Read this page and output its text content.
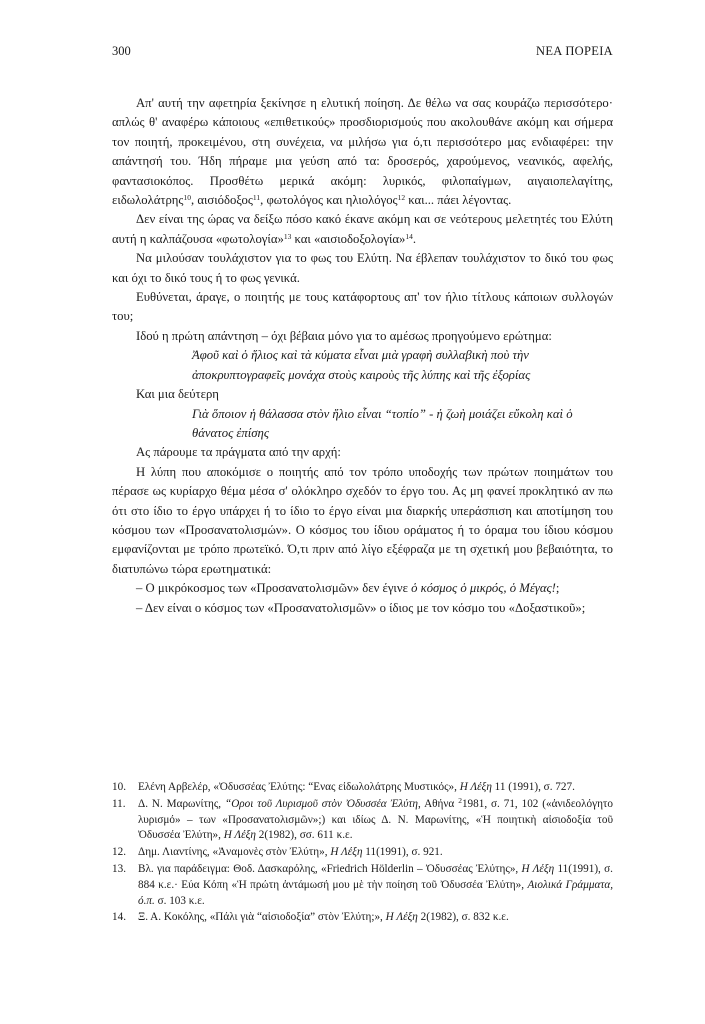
300	ΝΕΑ ΠΟΡΕΙΑ

Απ' αυτή την αφετηρία ξεκίνησε η ελυτική ποίηση. Δε θέλω να σας κουράζω περισσότερο· απλώς θ' αναφέρω κάποιους «επιθετικούς» προσδιορισμούς που ακολουθάνε ακόμη και σήμερα τον ποιητή, προκειμένου, στη συνέχεια, να μιλήσω για ό,τι περισσότερο μας ενδιαφέρει: την απάντησή του. Ήδη πήραμε μια γεύση από τα: δροσερός, χαρούμενος, νεανικός, αφελής, φαντασιοκόπος. Προσθέτω μερικά ακόμη: λυρικός, φιλοπαίγμων, αιγαιοπελαγίτης, ειδωλολάτρης$^{10}$, αισιόδοξος$^{11}$, φωτολόγος και ηλιολόγος$^{12}$ και... πάει λέγοντας.

Δεν είναι της ώρας να δείξω πόσο κακό έκανε ακόμη και σε νεότερους μελετητές του Ελύτη αυτή η καλπάζουσα «φωτολογία»$^{13}$ και «αισιοδοξολογία»$^{14}$.

Να μιλούσαν τουλάχιστον για το φως του Ελύτη. Να έβλεπαν τουλάχιστον το δικό του φως και όχι το δικό τους ή το φως γενικά.

Ευθύνεται, άραγε, ο ποιητής με τους κατάφορτους απ' τον ήλιο τίτλους κάποιων συλλογών του;

Ιδού η πρώτη απάντηση – όχι βέβαια μόνο για το αμέσως προηγούμενο ερώτημα:

Ἀφοῦ καὶ ὁ ἥλιος καὶ τὰ κύματα εἶναι μιὰ γραφὴ συλλαβικὴ ποὺ τὴν ἀποκρυπτογραφεῖς μονάχα στοὺς καιροὺς τῆς λύπης καὶ τῆς ἐξορίας

Και μια δεύτερη

Γιὰ ὅποιον ἡ θάλασσα στὸν ἥλιο εἶναι “τοπίο” - ἡ ζωὴ μοιάζει εὔκολη καὶ ὁ θάνατος ἐπίσης

Ας πάρουμε τα πράγματα από την αρχή:

Η λύπη που αποκόμισε ο ποιητής από τον τρόπο υποδοχής των πρώτων ποιημάτων του πέρασε ως κυρίαρχο θέμα μέσα σ' ολόκληρο σχεδόν το έργο του. Ας μη φανεί προκλητικό αν πω ότι στο ίδιο το έργο υπάρχει ή το ίδιο το έργο είναι μια διαρκής υπεράσπιση και αποτίμηση του κόσμου των «Προσανατολισμών». Ο κόσμος του ίδιου οράματος ή το όραμα του ίδιου κόσμου εμφανίζονται με τρόπο πρωτεϊκό. Ό,τι πριν από λίγο εξέφραζα με τη σχετική μου βεβαιότητα, το διατυπώνω τώρα ερωτηματικά:

– Ο μικρόκοσμος των «Προσανατολισμῶν» δεν έγινε ὁ κόσμος ὁ μικρός, ὁ Μέγας!;

– Δεν είναι ο κόσμος των «Προσανατολισμῶν» ο ίδιος με τον κόσμο του «Δοξαστικοῦ»;

10. Ελένη Αρβελέρ, «Ὀδυσσέας Ἐλύτης: “Ενας εἰδωλολάτρης Μυστικός», Η Λέξη 11 (1991), σ. 727.
11. Δ. Ν. Μαρωνίτης, “Οροι τοῦ Λυρισμοῦ στὸν Ὀδυσσέα Ἐλύτη, Αθήνα $^2$1981, σ. 71, 102 («ἀνιδεολόγητο λυρισμό» – των «Προσανατολισμῶν»;) και ιδίως Δ. Ν. Μαρωνίτης, «Ἡ ποιητικὴ αἰσιοδοξία τοῦ Ὀδυσσέα Ἐλύτη», Η Λέξη 2(1982), σσ. 611 κ.ε.
12. Δημ. Λιαντίνης, «Ἀναμονὲς στὸν Ἐλύτη», Η Λέξη 11(1991), σ. 921.
13. Βλ. για παράδειγμα: Θοδ. Δασκαρόλης, «Friedrich Hölderlin – Ὀδυσσέας Ἐλύτης», Η Λέξη 11(1991), σ. 884 κ.ε.· Εύα Κόπη «Ἡ πρώτη ἀντάμωσή μου μὲ τὴν ποίηση τοῦ Ὀδυσσέα Ἐλύτη», Αιολικά Γράμματα, ό.π. σ. 103 κ.ε.
14. Ξ. Α. Κοκόλης, «Πάλι γιὰ “αἰσιοδοξία” στὸν Ἐλύτη;», Η Λέξη 2(1982), σ. 832 κ.ε.
